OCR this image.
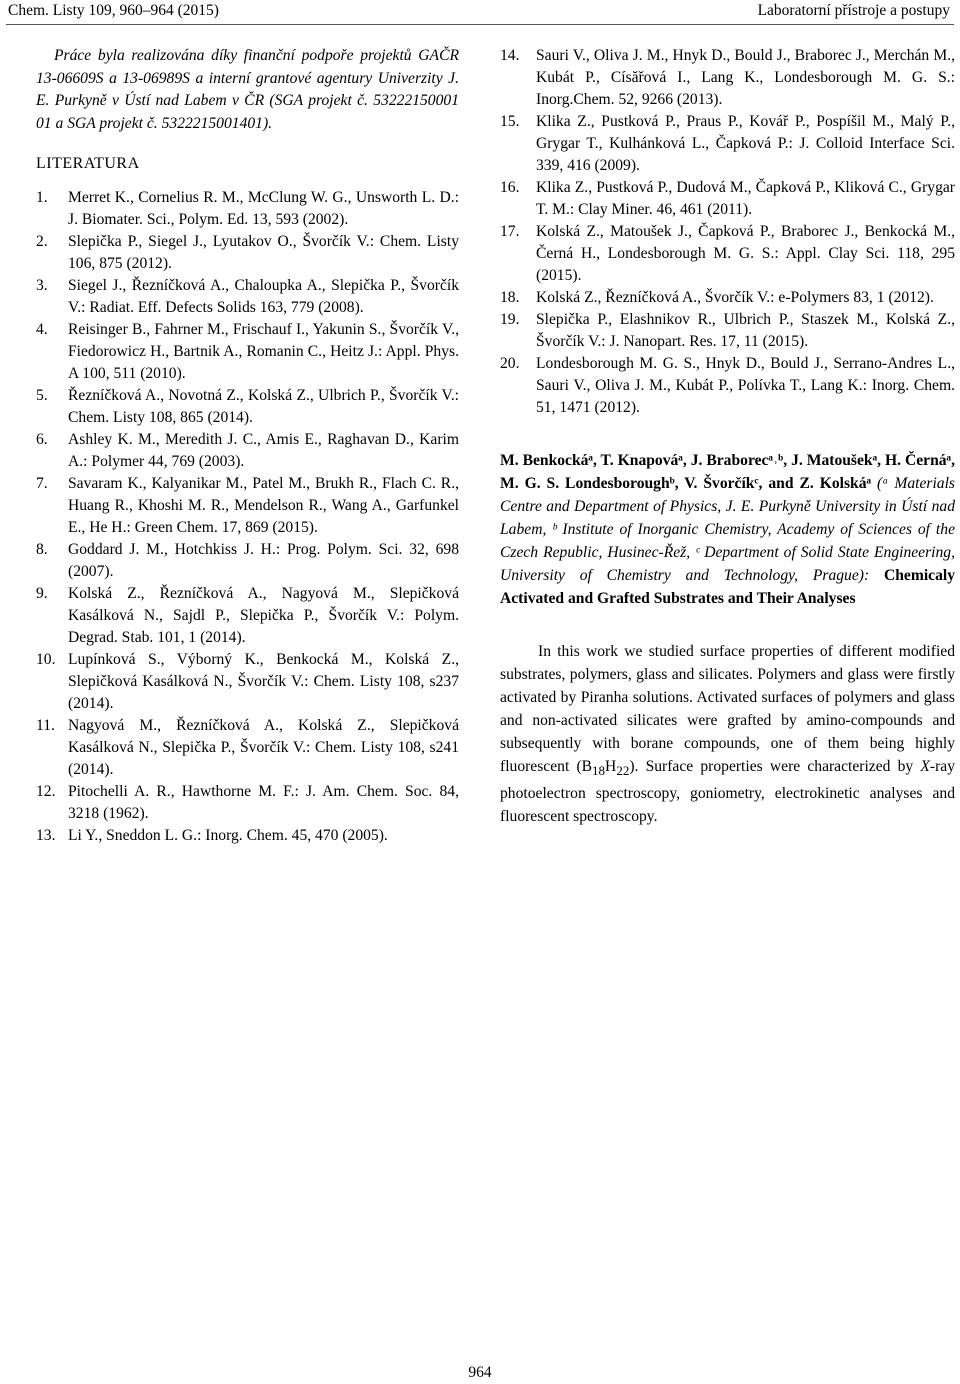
Chem. Listy 109, 960–964 (2015)	Laboratorní přístroje a postupy

Práce byla realizována díky finanční podpoře projektů GAČR 13-06609S a 13-06989S a interní grantové agentury Univerzity J. E. Purkyně v Ústí nad Labem v ČR (SGA projekt č. 53222150001 01 a SGA projekt č. 5322215001401).

LITERATURA
1.	Merret K., Cornelius R. M., McClung W. G., Unsworth L. D.: J. Biomater. Sci., Polym. Ed. 13, 593 (2002).
2.	Slepička P., Siegel J., Lyutakov O., Švorčík V.: Chem. Listy 106, 875 (2012).
3.	Siegel J., Řezníčková A., Chaloupka A., Slepička P., Švorčík V.: Radiat. Eff. Defects Solids 163, 779 (2008).
4.	Reisinger B., Fahrner M., Frischauf I., Yakunin S., Švorčík V., Fiedorowicz H., Bartnik A., Romanin C., Heitz J.: Appl. Phys. A 100, 511 (2010).
5.	Řezníčková A., Novotná Z., Kolská Z., Ulbrich P., Švorčík V.: Chem. Listy 108, 865 (2014).
6.	Ashley K. M., Meredith J. C., Amis E., Raghavan D., Karim A.: Polymer 44, 769 (2003).
7.	Savaram K., Kalyanikar M., Patel M., Brukh R., Flach C. R., Huang R., Khoshi M. R., Mendelson R., Wang A., Garfunkel E., He H.: Green Chem. 17, 869 (2015).
8.	Goddard J. M., Hotchkiss J. H.: Prog. Polym. Sci. 32, 698 (2007).
9.	Kolská Z., Řezníčková A., Nagyová M., Slepičková Kasálková N., Sajdl P., Slepička P., Švorčík V.: Polym. Degrad. Stab. 101, 1 (2014).
10. Lupínková S., Výborný K., Benkocká M., Kolská Z., Slepičková Kasálková N., Švorčík V.: Chem. Listy 108, s237 (2014).
11. Nagyová M., Řezníčková A., Kolská Z., Slepičková Kasálková N., Slepička P., Švorčík V.: Chem. Listy 108, s241 (2014).
12. Pitochelli A. R., Hawthorne M. F.: J. Am. Chem. Soc. 84, 3218 (1962).
13. Li Y., Sneddon L. G.: Inorg. Chem. 45, 470 (2005).
14.	Sauri V., Oliva J. M., Hnyk D., Bould J., Braborec J., Merchán M., Kubát P., Císăřová I., Lang K., Londesborough M. G. S.: Inorg.Chem. 52, 9266 (2013).
15.	Klika Z., Pustková P., Praus P., Kovář P., Pospíšil M., Malý P., Grygar T., Kulhánková L., Čapková P.: J. Colloid Interface Sci. 339, 416 (2009).
16.	Klika Z., Pustková P., Dudová M., Čapková P., Kliková C., Grygar T. M.: Clay Miner. 46, 461 (2011).
17.	Kolská Z., Matoušek J., Čapková P., Braborec J., Benkocká M., Černá H., Londesborough M. G. S.: Appl. Clay Sci. 118, 295 (2015).
18.	Kolská Z., Řezníčková A., Švorčík V.: e-Polymers 83, 1 (2012).
19.	Slepička P., Elashnikov R., Ulbrich P., Staszek M., Kolská Z., Švorčík V.: J. Nanopart. Res. 17, 11 (2015).
20.	Londesborough M. G. S., Hnyk D., Bould J., Serrano-Andres L., Sauri V., Oliva J. M., Kubát P., Polívka T., Lang K.: Inorg. Chem. 51, 1471 (2012).
M. Benkockáᵃ, T. Knapováᵃ, J. Braborecᵃ˒ᵇ, J. Matoušekᵃ, H. Černáᵃ, M. G. S. Londesboroughᵇ, V. Švorčíkᶜ, and Z. Kolskáᵃ (ᵃ Materials Centre and Department of Physics, J. E. Purkyně University in Ústí nad Labem, ᵇ Institute of Inorganic Chemistry, Academy of Sciences of the Czech Republic, Husinec-Řež, ᶜ Department of Solid State Engineering, University of Chemistry and Technology, Prague): Chemicaly Activated and Grafted Substrates and Their Analyses
In this work we studied surface properties of different modified substrates, polymers, glass and silicates. Polymers and glass were firstly activated by Piranha solutions. Activated surfaces of polymers and glass and non-activated silicates were grafted by amino-compounds and subsequently with borane compounds, one of them being highly fluorescent $(B_{18}H_{22})$. Surface properties were characterized by X-ray photoelectron spectroscopy, goniometry, electrokinetic analyses and fluorescent spectroscopy.
964
